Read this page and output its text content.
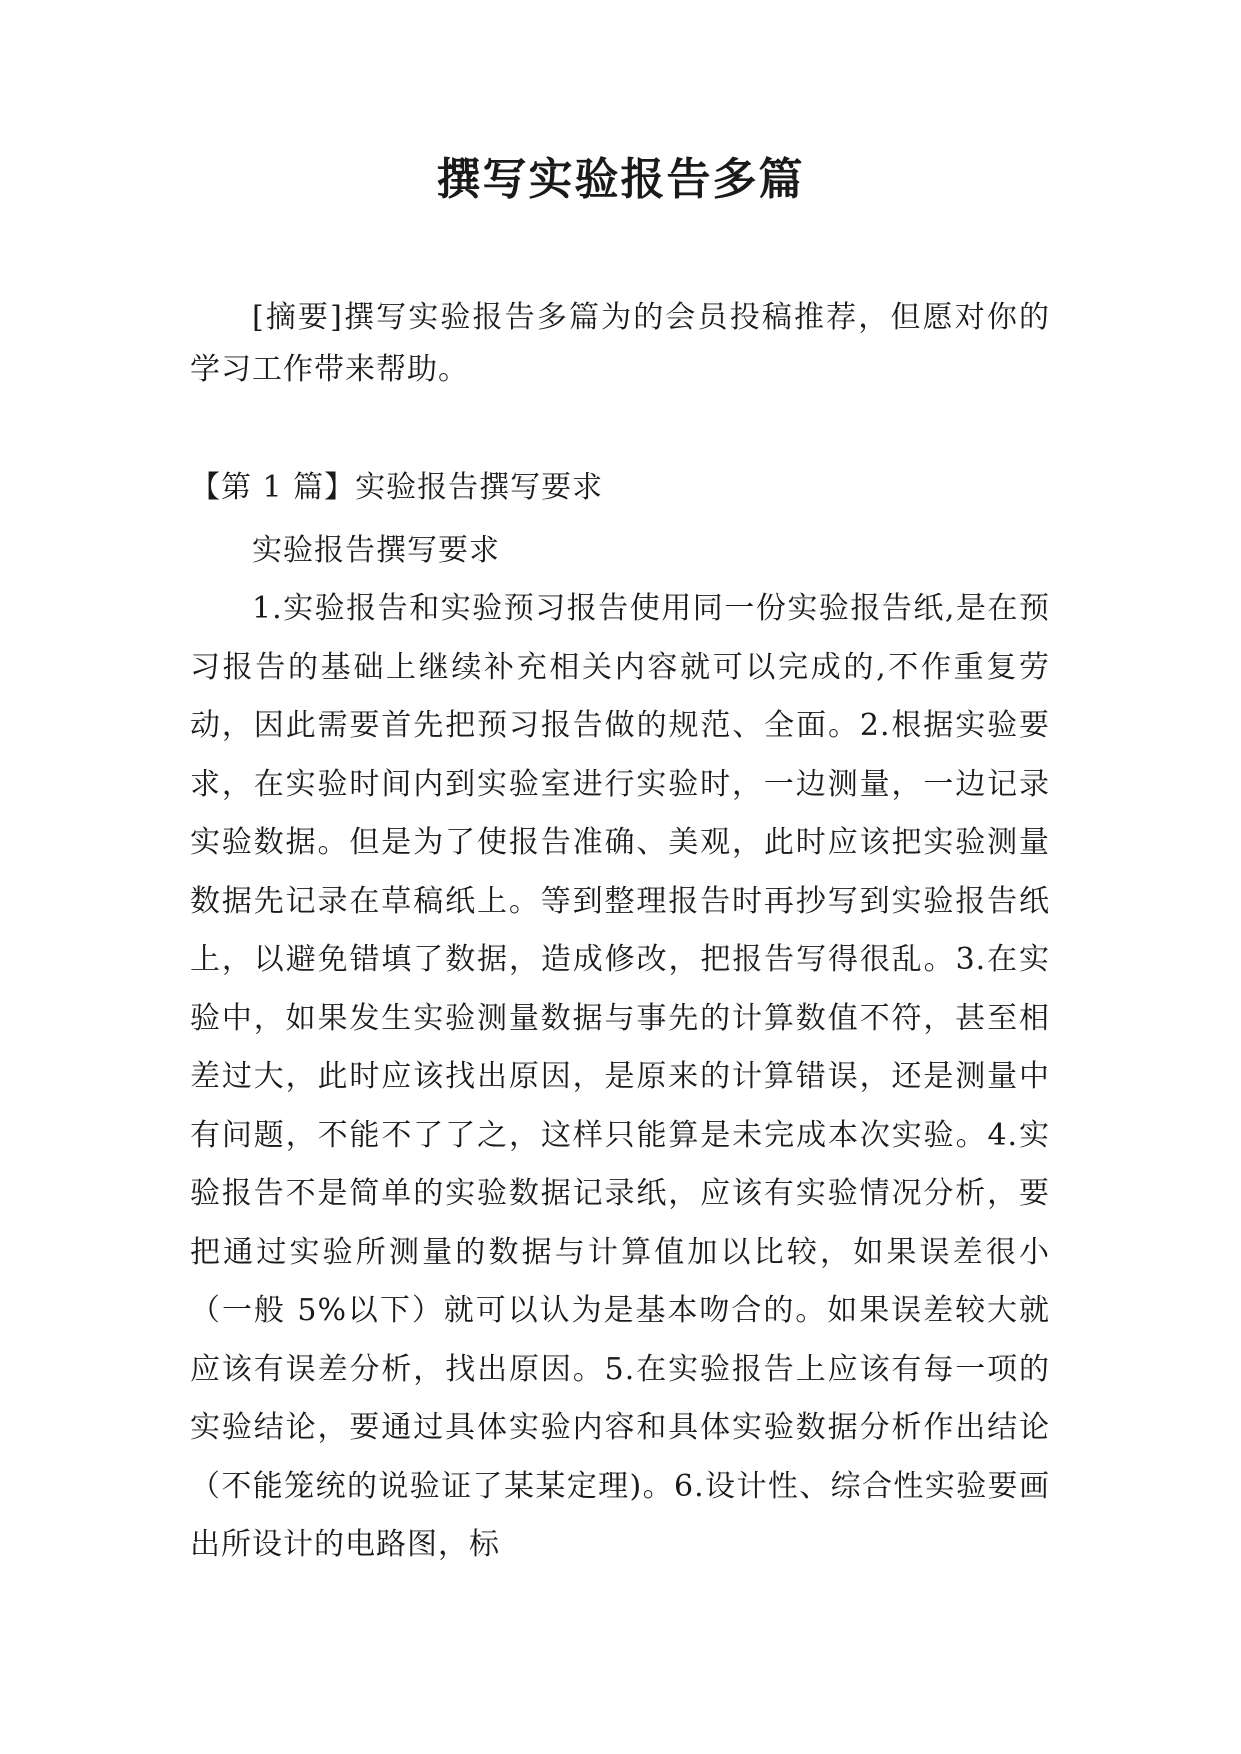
撰写实验报告多篇

[摘要]撰写实验报告多篇为的会员投稿推荐，但愿对你的学习工作带来帮助。

【第 1 篇】实验报告撰写要求

实验报告撰写要求

1.实验报告和实验预习报告使用同一份实验报告纸,是在预习报告的基础上继续补充相关内容就可以完成的,不作重复劳动，因此需要首先把预习报告做的规范、全面。2.根据实验要求，在实验时间内到实验室进行实验时，一边测量，一边记录实验数据。但是为了使报告准确、美观，此时应该把实验测量数据先记录在草稿纸上。等到整理报告时再抄写到实验报告纸上，以避免错填了数据，造成修改，把报告写得很乱。3.在实验中，如果发生实验测量数据与事先的计算数值不符，甚至相差过大，此时应该找出原因，是原来的计算错误，还是测量中有问题，不能不了了之，这样只能算是未完成本次实验。4.实验报告不是简单的实验数据记录纸，应该有实验情况分析，要把通过实验所测量的数据与计算值加以比较，如果误差很小（一般 5%以下）就可以认为是基本吻合的。如果误差较大就应该有误差分析，找出原因。5.在实验报告上应该有每一项的实验结论，要通过具体实验内容和具体实验数据分析作出结论（不能笼统的说验证了某某定理)。6.设计性、综合性实验要画出所设计的电路图，标
